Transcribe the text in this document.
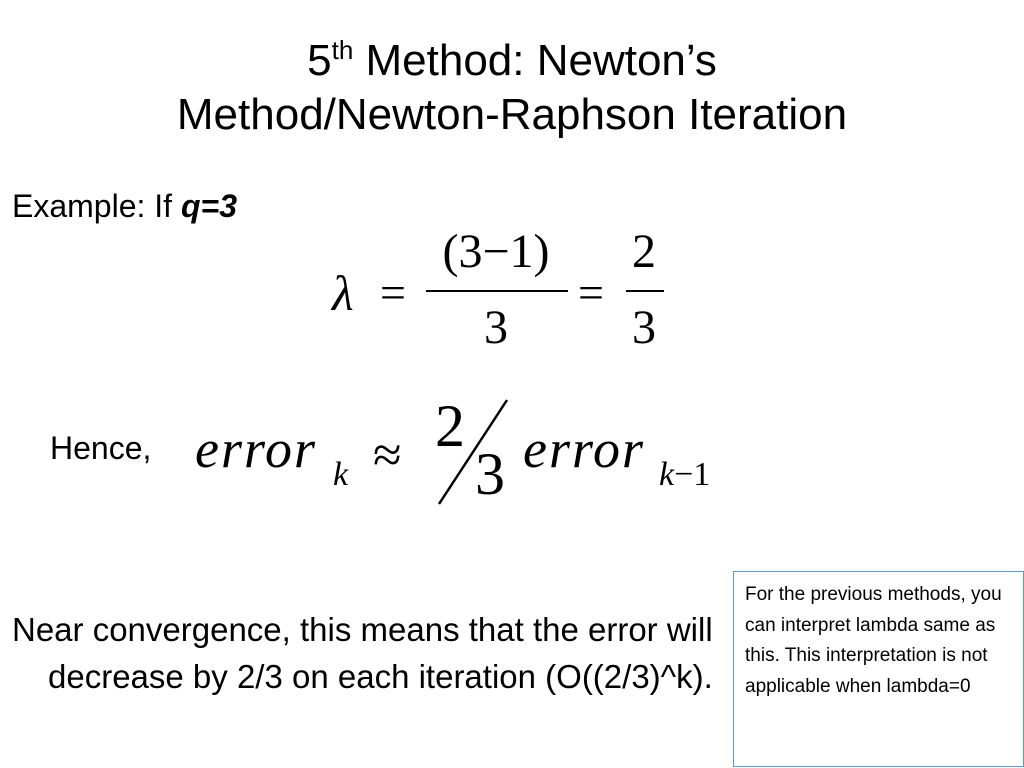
5th Method: Newton’s
Method/Newton-Raphson Iteration
Example: If q=3
λ =
(3−1)
3
=
2
3
Hence, error k ≈ 2
3 error k−1

Near convergence, this means that the error will decrease by 2/3 on each iteration (O((2/3)^k).

For the previous methods, you can interpret lambda same as this. This interpretation is not applicable when lambda=0
